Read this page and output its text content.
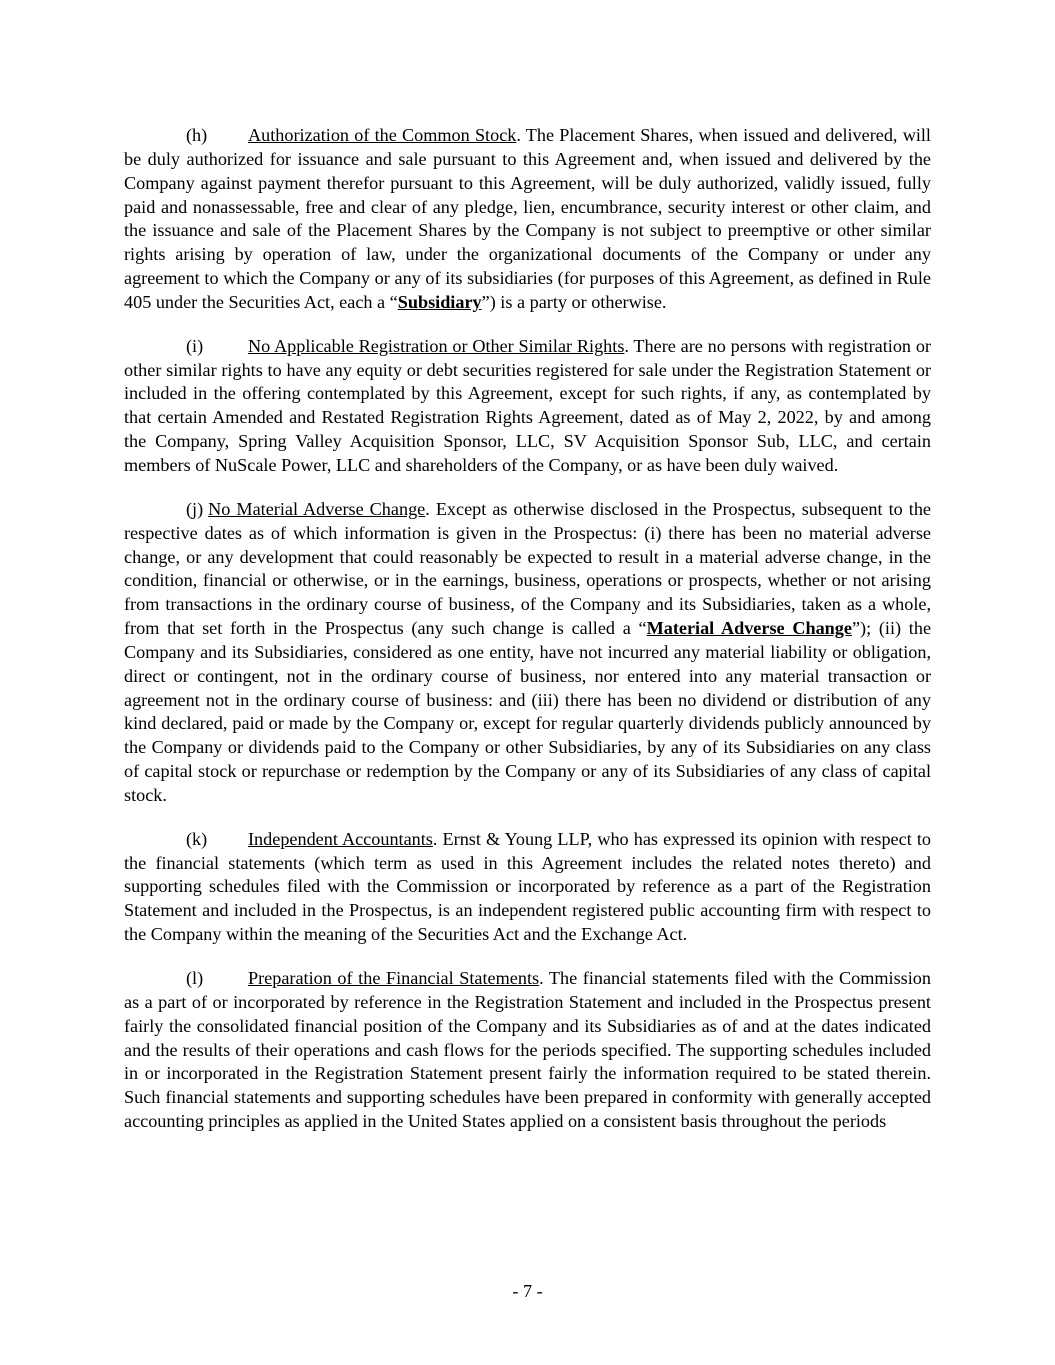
(h) Authorization of the Common Stock. The Placement Shares, when issued and delivered, will be duly authorized for issuance and sale pursuant to this Agreement and, when issued and delivered by the Company against payment therefor pursuant to this Agreement, will be duly authorized, validly issued, fully paid and nonassessable, free and clear of any pledge, lien, encumbrance, security interest or other claim, and the issuance and sale of the Placement Shares by the Company is not subject to preemptive or other similar rights arising by operation of law, under the organizational documents of the Company or under any agreement to which the Company or any of its subsidiaries (for purposes of this Agreement, as defined in Rule 405 under the Securities Act, each a “Subsidiary”) is a party or otherwise.

(i) No Applicable Registration or Other Similar Rights. There are no persons with registration or other similar rights to have any equity or debt securities registered for sale under the Registration Statement or included in the offering contemplated by this Agreement, except for such rights, if any, as contemplated by that certain Amended and Restated Registration Rights Agreement, dated as of May 2, 2022, by and among the Company, Spring Valley Acquisition Sponsor, LLC, SV Acquisition Sponsor Sub, LLC, and certain members of NuScale Power, LLC and shareholders of the Company, or as have been duly waived.

(j) No Material Adverse Change. Except as otherwise disclosed in the Prospectus, subsequent to the respective dates as of which information is given in the Prospectus: (i) there has been no material adverse change, or any development that could reasonably be expected to result in a material adverse change, in the condition, financial or otherwise, or in the earnings, business, operations or prospects, whether or not arising from transactions in the ordinary course of business, of the Company and its Subsidiaries, taken as a whole, from that set forth in the Prospectus (any such change is called a “Material Adverse Change”); (ii) the Company and its Subsidiaries, considered as one entity, have not incurred any material liability or obligation, direct or contingent, not in the ordinary course of business, nor entered into any material transaction or agreement not in the ordinary course of business: and (iii) there has been no dividend or distribution of any kind declared, paid or made by the Company or, except for regular quarterly dividends publicly announced by the Company or dividends paid to the Company or other Subsidiaries, by any of its Subsidiaries on any class of capital stock or repurchase or redemption by the Company or any of its Subsidiaries of any class of capital stock.

(k) Independent Accountants. Ernst & Young LLP, who has expressed its opinion with respect to the financial statements (which term as used in this Agreement includes the related notes thereto) and supporting schedules filed with the Commission or incorporated by reference as a part of the Registration Statement and included in the Prospectus, is an independent registered public accounting firm with respect to the Company within the meaning of the Securities Act and the Exchange Act.

(l) Preparation of the Financial Statements. The financial statements filed with the Commission as a part of or incorporated by reference in the Registration Statement and included in the Prospectus present fairly the consolidated financial position of the Company and its Subsidiaries as of and at the dates indicated and the results of their operations and cash flows for the periods specified. The supporting schedules included in or incorporated in the Registration Statement present fairly the information required to be stated therein. Such financial statements and supporting schedules have been prepared in conformity with generally accepted accounting principles as applied in the United States applied on a consistent basis throughout the periods

- 7 -
